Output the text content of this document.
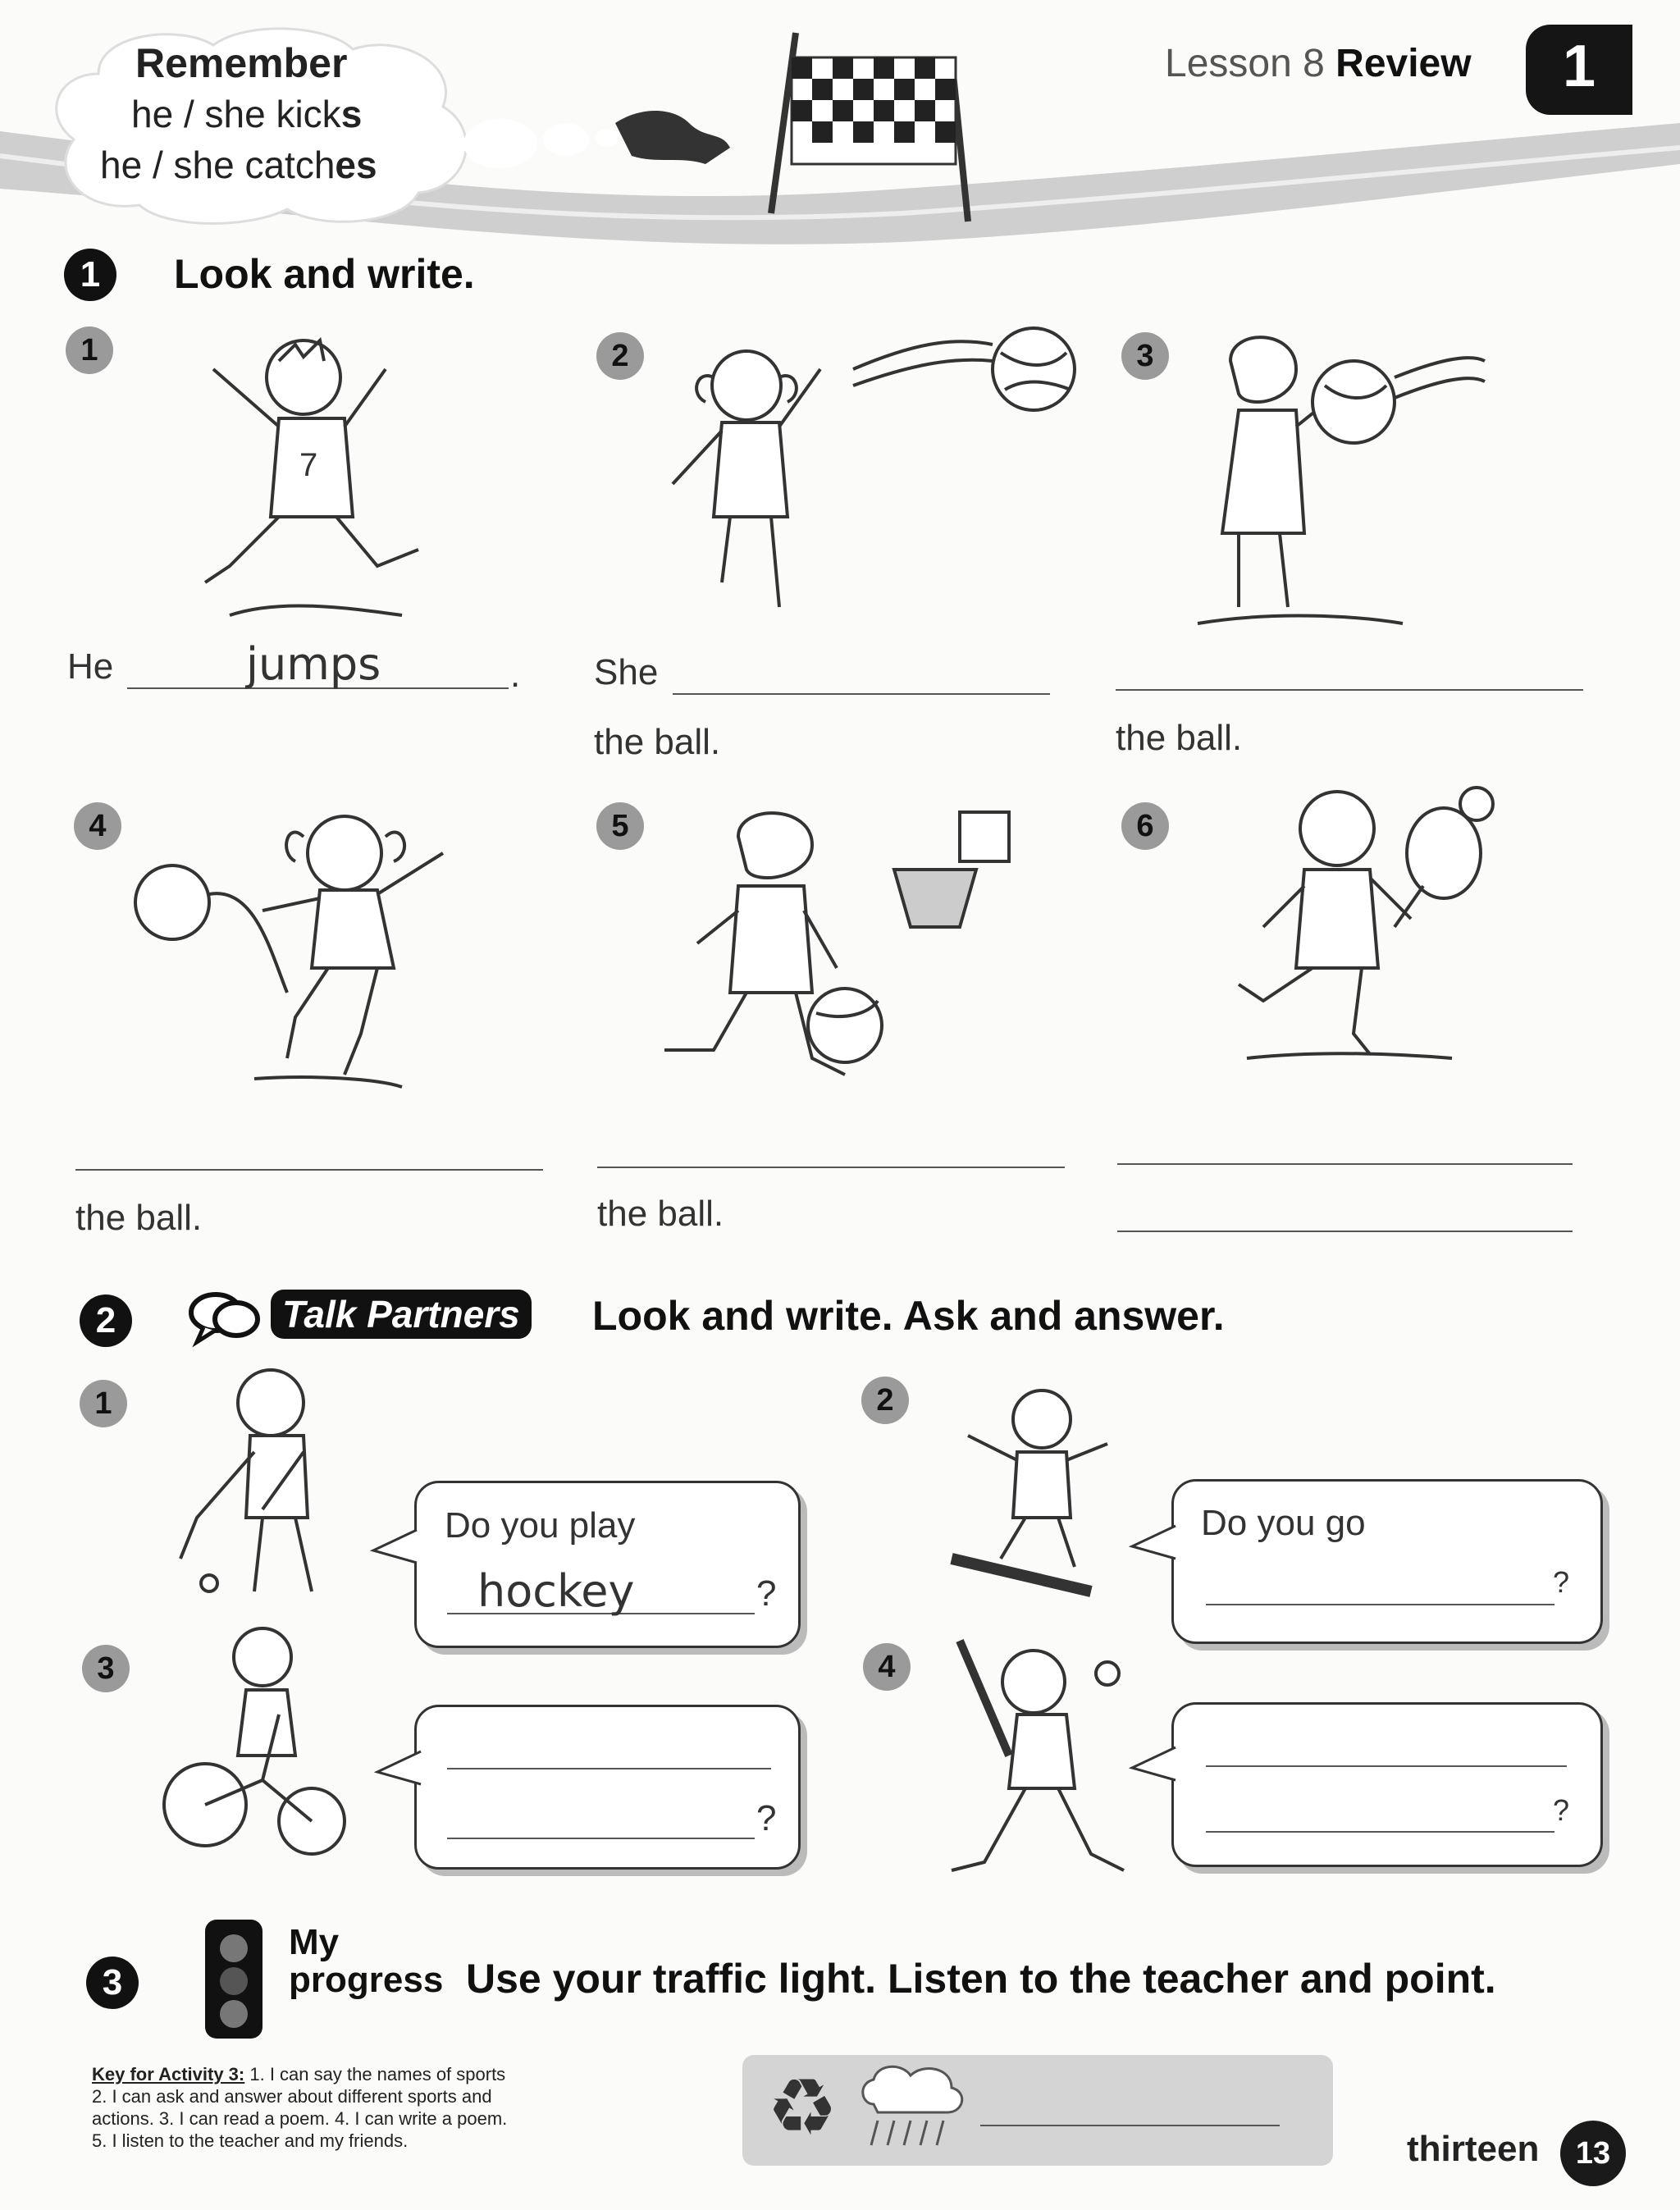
Remember
he / she kicks
he / she catches
Lesson 8 Review 1
1	Look and write.
1	2	3
4	5	6
7
He	jumps	. She
the ball.	the ball.
the ball.	the ball.
2	Talk Partners Look and write. Ask and answer.
1	2
3	4
Do you play
hockey	?
Do you go
?
?	?
3
My
progress Use your traffic light. Listen to the teacher and point.
Key for Activity 3: 1. I can say the names of sports
2. I can ask and answer about different sports and
actions. 3. I can read a poem. 4. I can write a poem.
5. I listen to the teacher and my friends.	♻	thirteen	13
